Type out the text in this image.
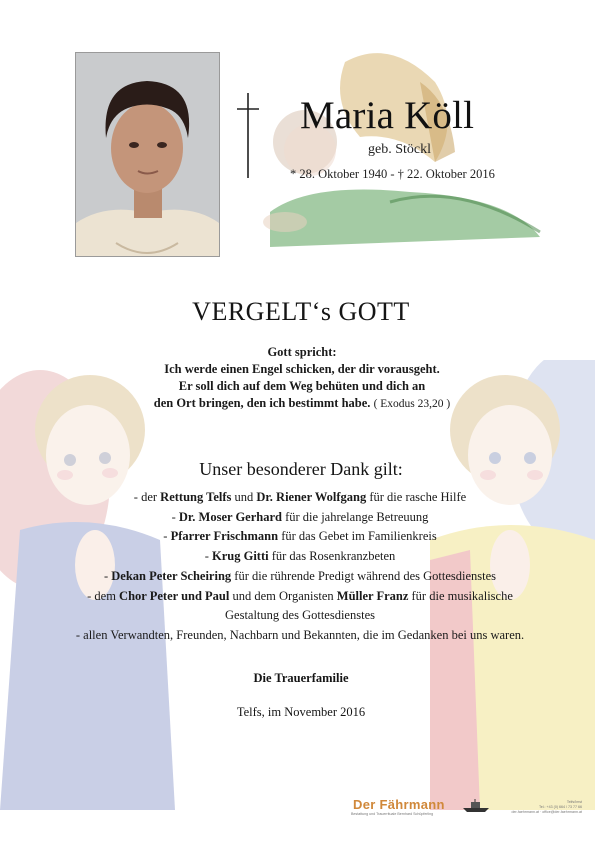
Maria Köll
geb. Stöckl
* 28. Oktober 1940 - † 22. Oktober 2016
VERGELT‘s GOTT
Gott spricht:
Ich werde einen Engel schicken, der dir vorausgeht.
Er soll dich auf dem Weg behüten und dich an
den Ort bringen, den ich bestimmt habe. ( Exodus 23,20 )
Unser besonderer Dank gilt:
- der Rettung Telfs und Dr. Riener Wolfgang für die rasche Hilfe
- Dr. Moser Gerhard für die jahrelange Betreuung
- Pfarrer Frischmann für das Gebet im Familienkreis
- Krug Gitti für das Rosenkranzbeten
- Dekan Peter Scheiring für die rührende Predigt während des Gottesdienstes
- dem Chor Peter und Paul und dem Organisten Müller Franz für die musikalische
Gestaltung des Gottesdienstes
- allen Verwandten, Freunden, Nachbarn und Bekannten, die im Gedanken bei uns waren.
Die Trauerfamilie
Telfs, im November 2016
Der Fährmann
Bestattung und Trauerrituale Bernhard Schüpferling
Telfs/Imst
Tel.: +43 (0) 664 / 73 77 66
der-faehrmann.at · office@der-faehrmann.at
